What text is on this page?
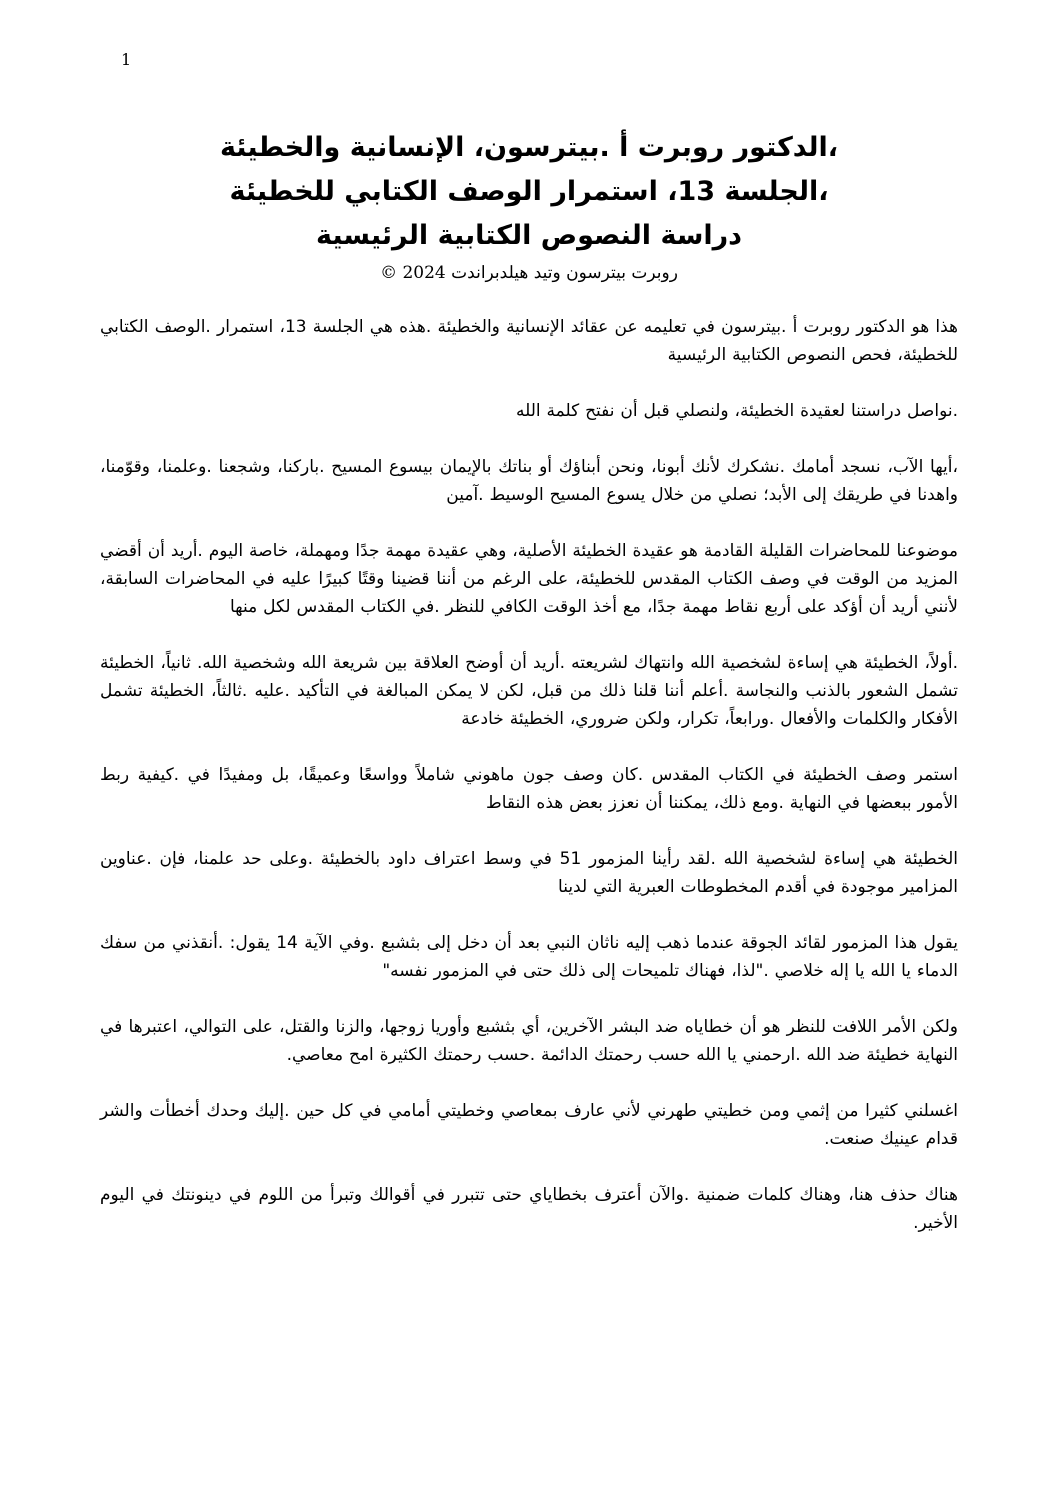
1
،الدكتور روبرت أ .بيترسون، الإنسانية والخطيئة
،الجلسة 13، استمرار الوصف الكتابي للخطيئة
دراسة النصوص الكتابية الرئيسية
روبرت بيترسون وتيد هيلدبراندت 2024 ©

هذا هو الدكتور روبرت أ .بيترسون في تعليمه عن عقائد الإنسانية والخطيئة .هذه هي الجلسة 13، استمرار .الوصف الكتابي للخطيئة، فحص النصوص الكتابية الرئيسية

.نواصل دراستنا لعقيدة الخطيئة، ولنصلي قبل أن نفتح كلمة الله

،أيها الآب، نسجد أمامك .نشكرك لأنك أبونا، ونحن أبناؤك أو بناتك بالإيمان بيسوع المسيح .باركنا، وشجعنا .وعلمنا، وقوّمنا، واهدنا في طريقك إلى الأبد؛ نصلي من خلال يسوع المسيح الوسيط .آمين

موضوعنا للمحاضرات القليلة القادمة هو عقيدة الخطيئة الأصلية، وهي عقيدة مهمة جدًا ومهملة، خاصة اليوم .أريد أن أقضي المزيد من الوقت في وصف الكتاب المقدس للخطيئة، على الرغم من أننا قضينا وقتًا كبيرًا عليه في المحاضرات السابقة، لأنني أريد أن أؤكد على أربع نقاط مهمة جدًا، مع أخذ الوقت الكافي للنظر .في الكتاب المقدس لكل منها

.أولاً، الخطيئة هي إساءة لشخصية الله وانتهاك لشريعته .أريد أن أوضح العلاقة بين شريعة الله وشخصية الله. ثانياً، الخطيئة تشمل الشعور بالذنب والنجاسة .أعلم أننا قلنا ذلك من قبل، لكن لا يمكن المبالغة في التأكيد .عليه .ثالثاً، الخطيئة تشمل الأفكار والكلمات والأفعال .ورابعاً، تكرار، ولكن ضروري، الخطيئة خادعة

استمر وصف الخطيئة في الكتاب المقدس .كان وصف جون ماهوني شاملاً وواسعًا وعميقًا، بل ومفيدًا في .كيفية ربط الأمور ببعضها في النهاية .ومع ذلك، يمكننا أن نعزز بعض هذه النقاط

الخطيئة هي إساءة لشخصية الله .لقد رأينا المزمور 51 في وسط اعتراف داود بالخطيئة .وعلى حد علمنا، فإن .عناوين المزامير موجودة في أقدم المخطوطات العبرية التي لدينا

يقول هذا المزمور لقائد الجوقة عندما ذهب إليه ناثان النبي بعد أن دخل إلى بثشبع .وفي الآية 14 يقول: .أنقذني من سفك الدماء يا الله يا إله خلاصي ."لذا، فهناك تلميحات إلى ذلك حتى في المزمور نفسه"

ولكن الأمر اللافت للنظر هو أن خطاياه ضد البشر الآخرين، أي بثشبع وأوريا زوجها، والزنا والقتل، على التوالي، اعتبرها في النهاية خطيئة ضد الله .ارحمني يا الله حسب رحمتك الدائمة .حسب رحمتك الكثيرة امح معاصي.

اغسلني كثيرا من إثمي ومن خطيتي طهرني لأني عارف بمعاصي وخطيتي أمامي في كل حين .إليك وحدك أخطأت والشر قدام عينيك صنعت.

هناك حذف هنا، وهناك كلمات ضمنية .والآن أعترف بخطاياي حتى تتبرر في أقوالك وتبرأ من اللوم في دينونتك في اليوم الأخير.
